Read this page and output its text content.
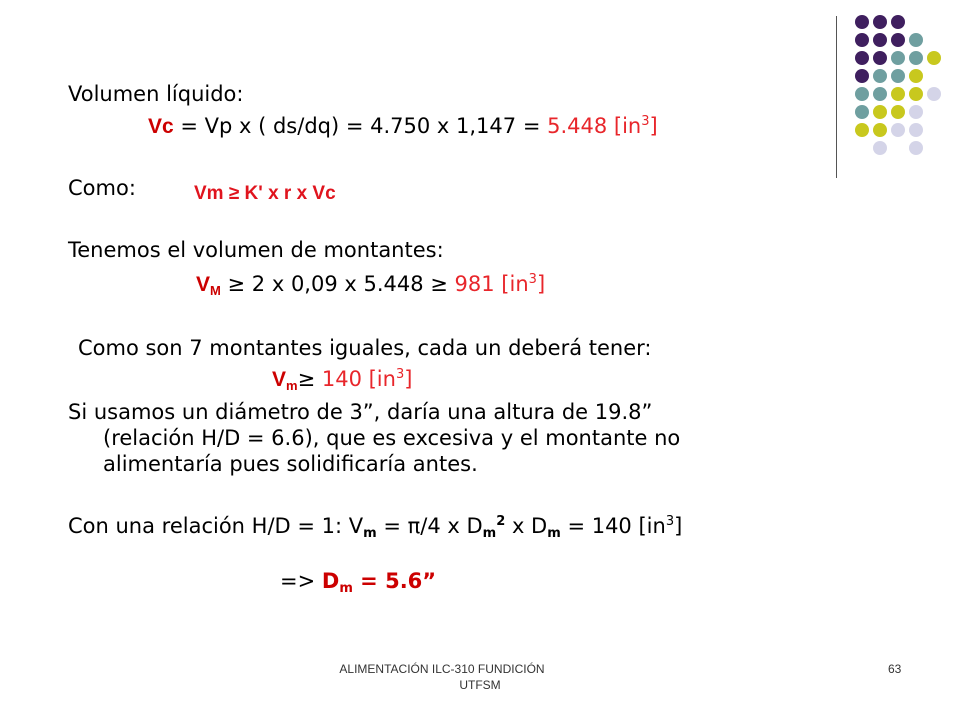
Volumen líquido:
Vc = Vp x ( ds/dq) = 4.750 x 1,147 = 5.448 $[in^3]$
Como:	Vm ≥ K' x r x Vc
Tenemos el volumen de montantes:
$V_M \ge 2$ x 0,09 x 5.448 ≥ 981 $[in^3]$
Como son 7 montantes iguales, cada un deberá tener:
$V_m\ge 140$ $[in^3]$
Si usamos un diámetro de 3”, daría una altura de 19.8”
(relación H/D = 6.6), que es excesiva y el montante no
alimentaría pues solidificaría antes.
Con una relación H/D = 1: $V_m = \pi/4$ x $D_m^2$ x $D_m = 140$ $[in^3]$
=> $D_m = 5.6$”
ALIMENTACIÓN ILC-310 FUNDICIÓN
UTFSM
63
